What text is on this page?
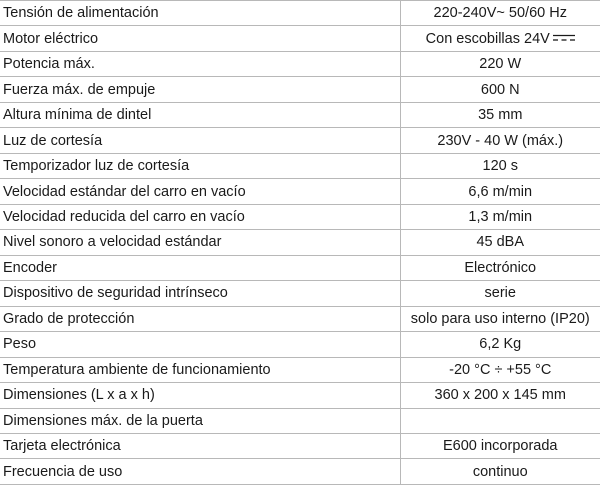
Tensión de alimentación	220-240V~ 50/60 Hz
Motor eléctrico	Con escobillas 24V
Potencia máx.	220 W
Fuerza máx. de empuje	600 N
Altura mínima de dintel	35 mm
Luz de cortesía	230V - 40 W (máx.)
Temporizador luz de cortesía	120 s
Velocidad estándar del carro en vacío	6,6 m/min
Velocidad reducida del carro en vacío	1,3 m/min
Nivel sonoro a velocidad estándar	45 dBA
Encoder	Electrónico
Dispositivo de seguridad intrínseco	serie
Grado de protección	solo para uso interno (IP20)
Peso	6,2 Kg
Temperatura ambiente de funcionamiento	-20 °C ÷ +55 °C
Dimensiones (L x a x h)	360 x 200 x 145 mm
Dimensiones máx. de la puerta	
Tarjeta electrónica	E600 incorporada
Frecuencia de uso	continuo
